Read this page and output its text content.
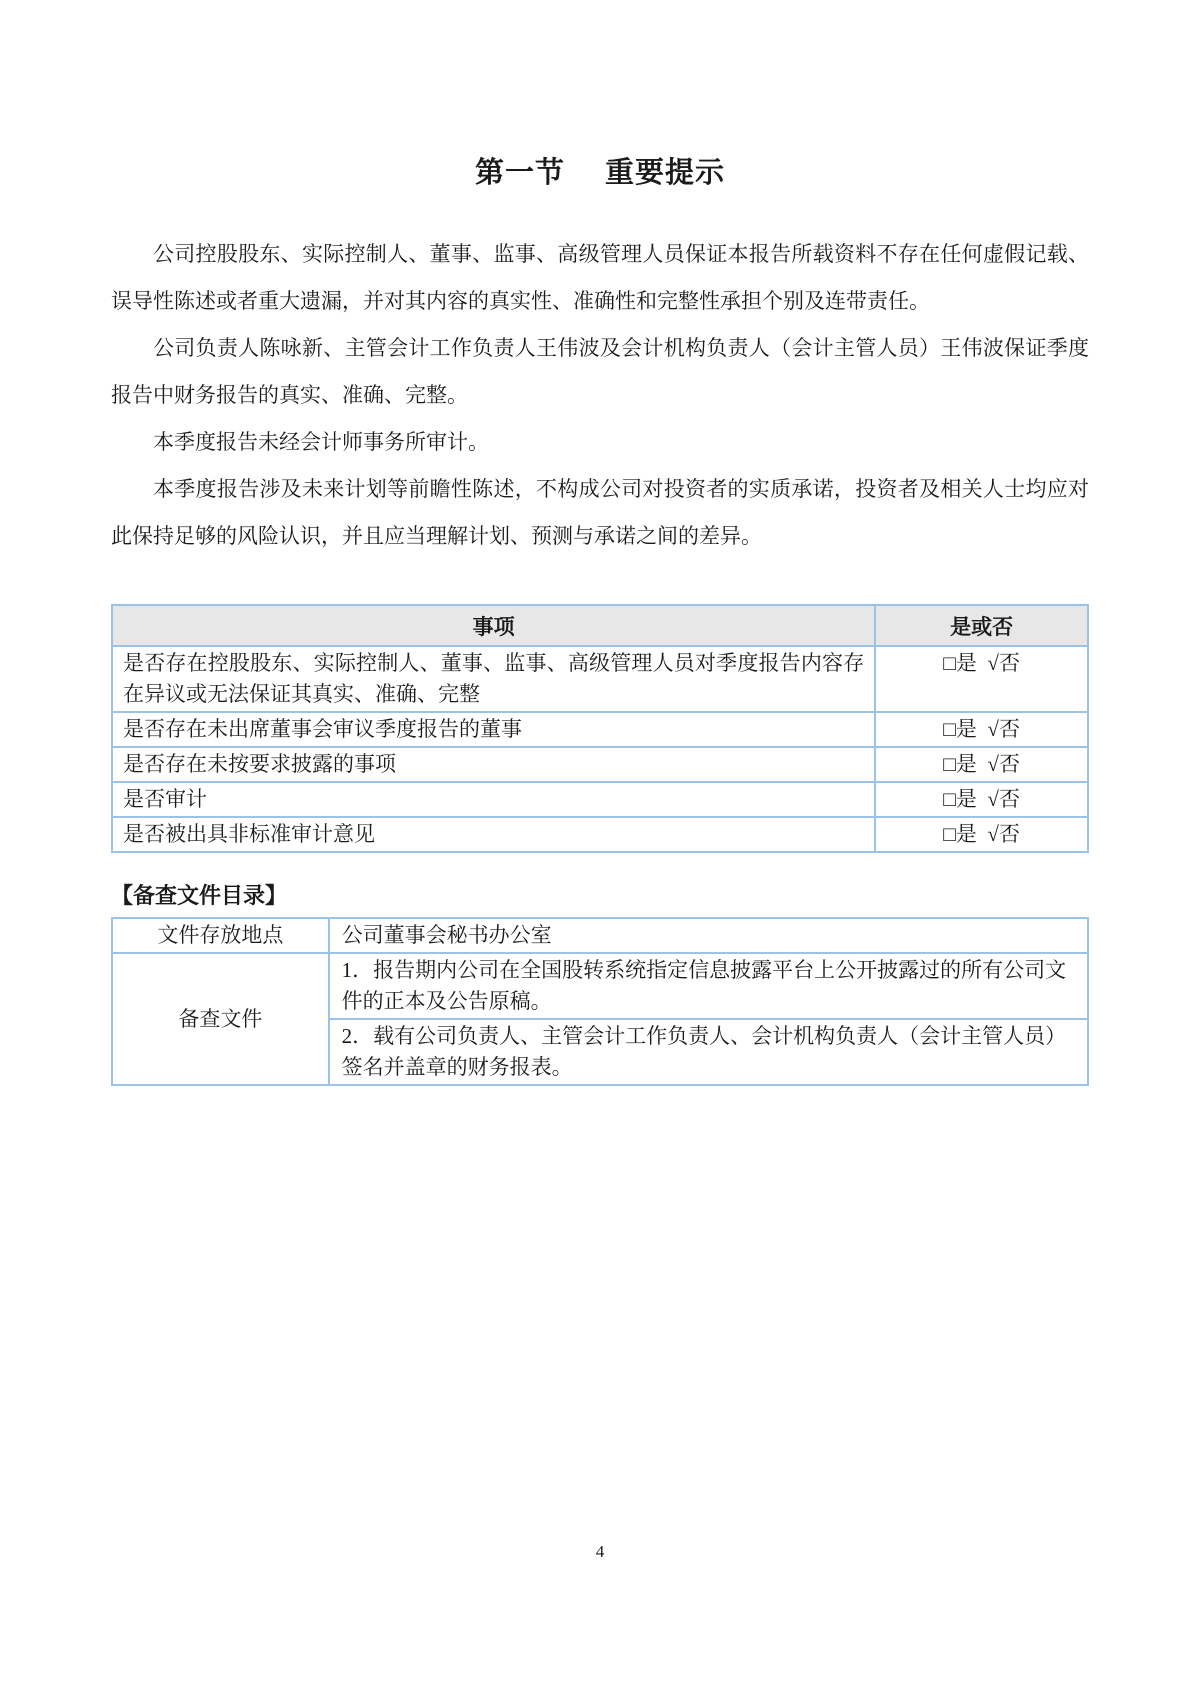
第一节 重要提示

公司控股股东、实际控制人、董事、监事、高级管理人员保证本报告所载资料不存在任何虚假记载、误导性陈述或者重大遗漏，并对其内容的真实性、准确性和完整性承担个别及连带责任。

公司负责人陈咏新、主管会计工作负责人王伟波及会计机构负责人（会计主管人员）王伟波保证季度报告中财务报告的真实、准确、完整。

本季度报告未经会计师事务所审计。

本季度报告涉及未来计划等前瞻性陈述，不构成公司对投资者的实质承诺，投资者及相关人士均应对此保持足够的风险认识，并且应当理解计划、预测与承诺之间的差异。

事项	是或否
是否存在控股股东、实际控制人、董事、监事、高级管理人员对季度报告内容存在异议或无法保证其真实、准确、完整	□是  √否
是否存在未出席董事会审议季度报告的董事	□是  √否
是否存在未按要求披露的事项	□是  √否
是否审计	□是  √否
是否被出具非标准审计意见	□是  √否
【备查文件目录】
文件存放地点	公司董事会秘书办公室
备查文件	1．报告期内公司在全国股转系统指定信息披露平台上公开披露过的所有公司文件的正本及公告原稿。
	2．载有公司负责人、主管会计工作负责人、会计机构负责人（会计主管人员）签名并盖章的财务报表。
4
